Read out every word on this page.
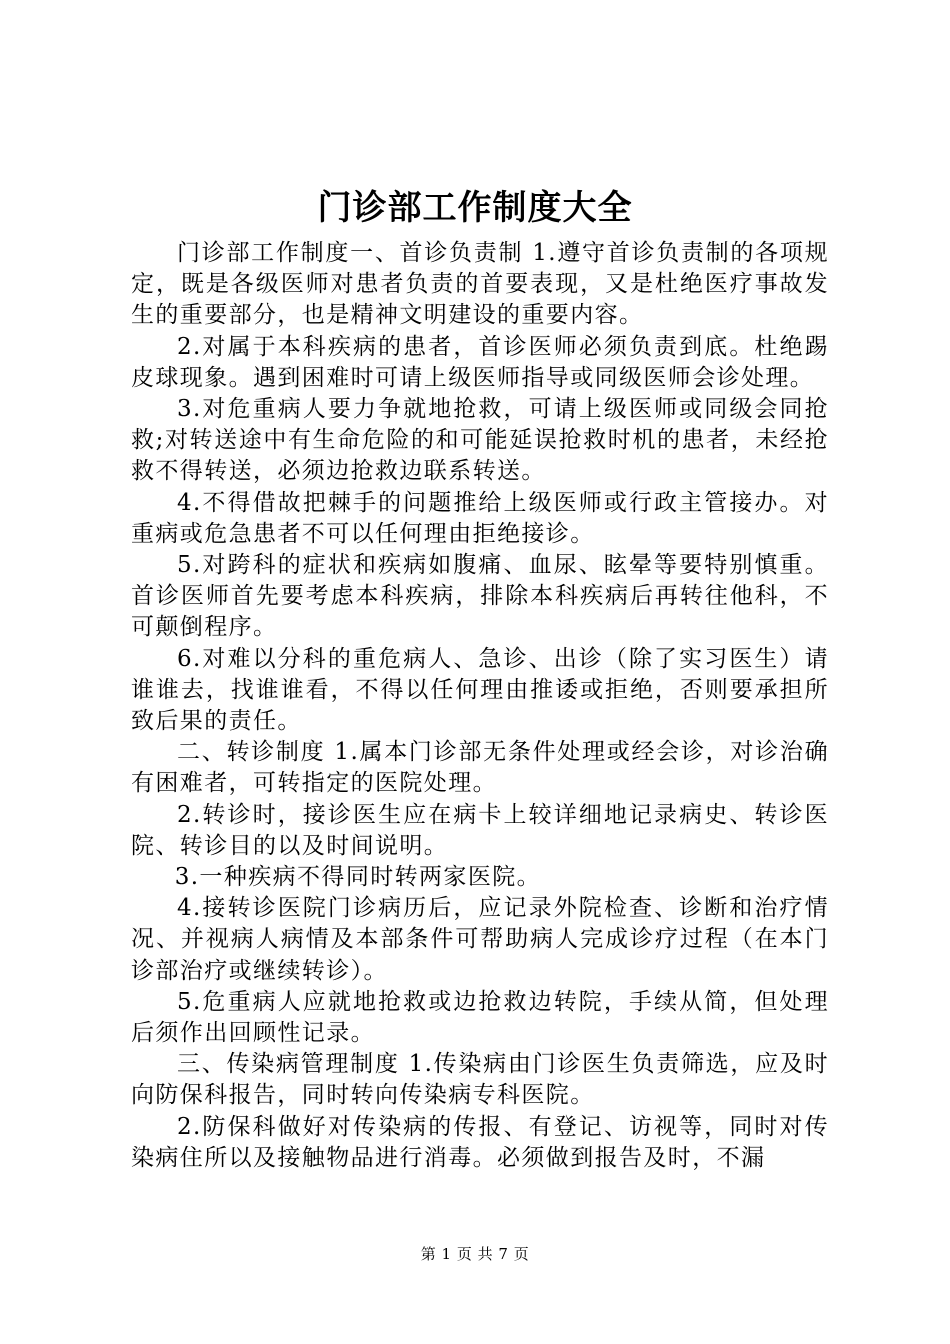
门诊部工作制度大全

门诊部工作制度一、首诊负责制 1.遵守首诊负责制的各项规定，既是各级医师对患者负责的首要表现，又是杜绝医疗事故发生的重要部分，也是精神文明建设的重要内容。

2.对属于本科疾病的患者，首诊医师必须负责到底。杜绝踢皮球现象。遇到困难时可请上级医师指导或同级医师会诊处理。

3.对危重病人要力争就地抢救，可请上级医师或同级会同抢救;对转送途中有生命危险的和可能延误抢救时机的患者，未经抢救不得转送，必须边抢救边联系转送。

4.不得借故把棘手的问题推给上级医师或行政主管接办。对重病或危急患者不可以任何理由拒绝接诊。

5.对跨科的症状和疾病如腹痛、血尿、眩晕等要特别慎重。首诊医师首先要考虑本科疾病，排除本科疾病后再转往他科，不可颠倒程序。

6.对难以分科的重危病人、急诊、出诊（除了实习医生）请谁谁去，找谁谁看，不得以任何理由推诿或拒绝，否则要承担所致后果的责任。

二、转诊制度 1.属本门诊部无条件处理或经会诊，对诊治确有困难者，可转指定的医院处理。

2.转诊时，接诊医生应在病卡上较详细地记录病史、转诊医院、转诊目的以及时间说明。

3.一种疾病不得同时转两家医院。

4.接转诊医院门诊病历后，应记录外院检查、诊断和治疗情况、并视病人病情及本部条件可帮助病人完成诊疗过程（在本门诊部治疗或继续转诊）。

5.危重病人应就地抢救或边抢救边转院，手续从简，但处理后须作出回顾性记录。

三、传染病管理制度 1.传染病由门诊医生负责筛选，应及时向防保科报告，同时转向传染病专科医院。

2.防保科做好对传染病的传报、有登记、访视等，同时对传染病住所以及接触物品进行消毒。必须做到报告及时，不漏

第 1 页 共 7 页
